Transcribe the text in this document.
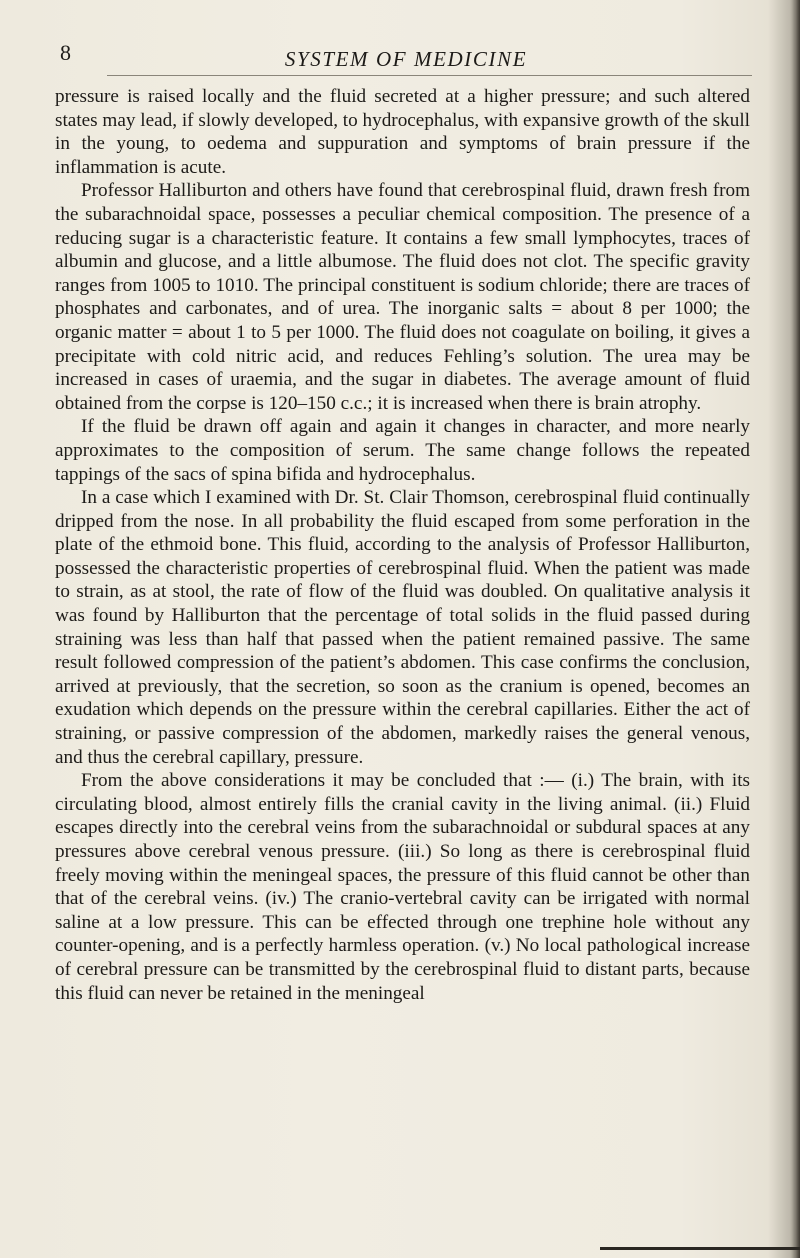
8	SYSTEM OF MEDICINE

pressure is raised locally and the fluid secreted at a higher pressure; and such altered states may lead, if slowly developed, to hydrocephalus, with expansive growth of the skull in the young, to oedema and suppuration and symptoms of brain pressure if the inflammation is acute.

Professor Halliburton and others have found that cerebrospinal fluid, drawn fresh from the subarachnoidal space, possesses a peculiar chemical composition. The presence of a reducing sugar is a characteristic feature. It contains a few small lymphocytes, traces of albumin and glucose, and a little albumose. The fluid does not clot. The specific gravity ranges from 1005 to 1010. The principal constituent is sodium chloride; there are traces of phosphates and carbonates, and of urea. The inorganic salts = about 8 per 1000; the organic matter = about 1 to 5 per 1000. The fluid does not coagulate on boiling, it gives a precipitate with cold nitric acid, and reduces Fehling’s solution. The urea may be increased in cases of uraemia, and the sugar in diabetes. The average amount of fluid obtained from the corpse is 120–150 c.c.; it is increased when there is brain atrophy.

If the fluid be drawn off again and again it changes in character, and more nearly approximates to the composition of serum. The same change follows the repeated tappings of the sacs of spina bifida and hydrocephalus.

In a case which I examined with Dr. St. Clair Thomson, cerebrospinal fluid continually dripped from the nose. In all probability the fluid escaped from some perforation in the plate of the ethmoid bone. This fluid, according to the analysis of Professor Halliburton, possessed the characteristic properties of cerebrospinal fluid. When the patient was made to strain, as at stool, the rate of flow of the fluid was doubled. On qualitative analysis it was found by Halliburton that the percentage of total solids in the fluid passed during straining was less than half that passed when the patient remained passive. The same result followed compression of the patient’s abdomen. This case confirms the conclusion, arrived at previously, that the secretion, so soon as the cranium is opened, becomes an exudation which depends on the pressure within the cerebral capillaries. Either the act of straining, or passive compression of the abdomen, markedly raises the general venous, and thus the cerebral capillary, pressure.

From the above considerations it may be concluded that :— (i.) The brain, with its circulating blood, almost entirely fills the cranial cavity in the living animal. (ii.) Fluid escapes directly into the cerebral veins from the subarachnoidal or subdural spaces at any pressures above cerebral venous pressure. (iii.) So long as there is cerebrospinal fluid freely moving within the meningeal spaces, the pressure of this fluid cannot be other than that of the cerebral veins. (iv.) The cranio-vertebral cavity can be irrigated with normal saline at a low pressure. This can be effected through one trephine hole without any counter-opening, and is a perfectly harmless operation. (v.) No local pathological increase of cerebral pressure can be transmitted by the cerebrospinal fluid to distant parts, because this fluid can never be retained in the meningeal
